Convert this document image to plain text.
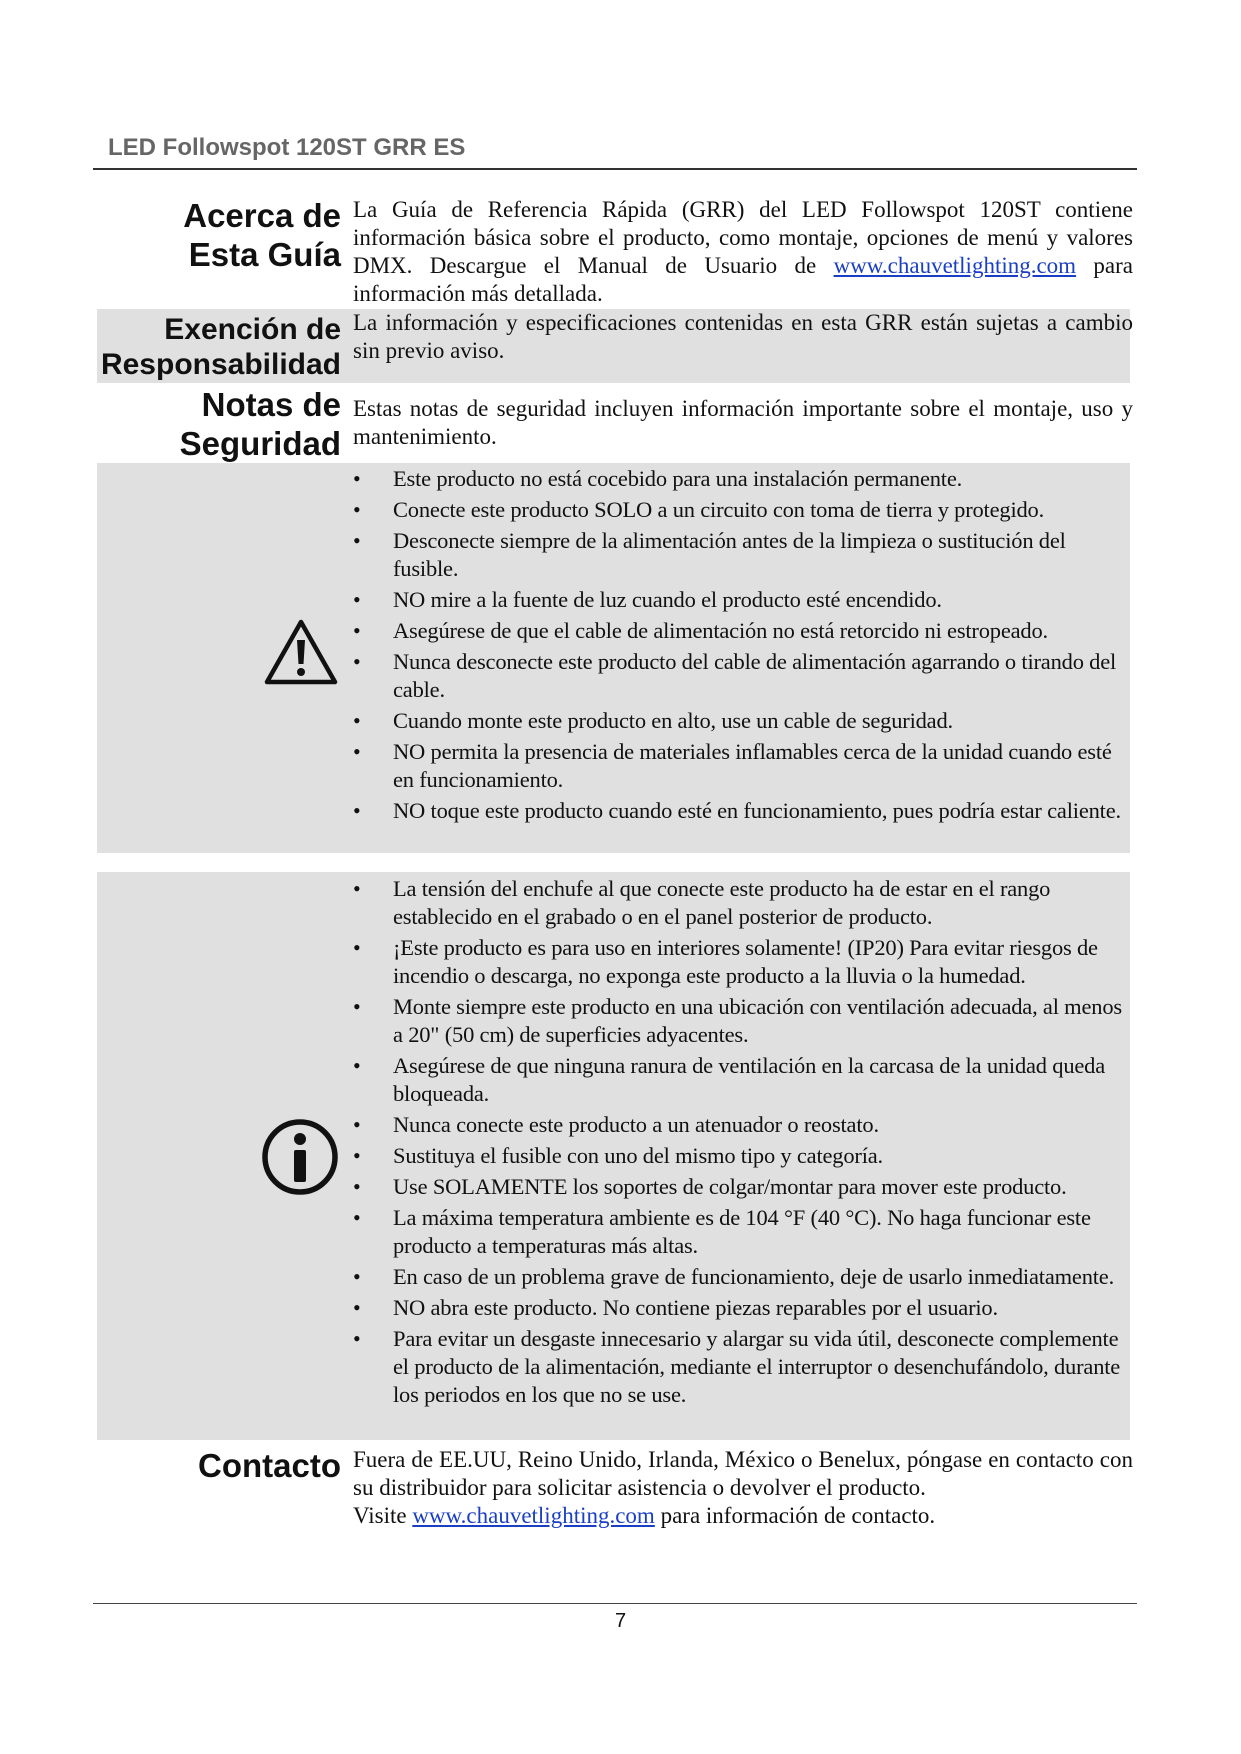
LED Followspot 120ST GRR ES
Acerca de
Esta Guía

La Guía de Referencia Rápida (GRR) del LED Followspot 120ST contiene información básica sobre el producto, como montaje, opciones de menú y valores DMX. Descargue el Manual de Usuario de www.chauvetlighting.com para información más detallada.

Exención de
Responsabilidad

La información y especificaciones contenidas en esta GRR están sujetas a cambio sin previo aviso.

Notas de
Seguridad

Estas notas de seguridad incluyen información importante sobre el montaje, uso y mantenimiento.

• Este producto no está cocebido para una instalación permanente.
• Conecte este producto SOLO a un circuito con toma de tierra y protegido.
• Desconecte siempre de la alimentación antes de la limpieza o sustitución del fusible.
• NO mire a la fuente de luz cuando el producto esté encendido.
• Asegúrese de que el cable de alimentación no está retorcido ni estropeado.
• Nunca desconecte este producto del cable de alimentación agarrando o tirando del cable.
• Cuando monte este producto en alto, use un cable de seguridad.
• NO permita la presencia de materiales inflamables cerca de la unidad cuando esté en funcionamiento.
• NO toque este producto cuando esté en funcionamiento, pues podría estar caliente.
• La tensión del enchufe al que conecte este producto ha de estar en el rango establecido en el grabado o en el panel posterior de producto.
• ¡Este producto es para uso en interiores solamente! (IP20) Para evitar riesgos de incendio o descarga, no exponga este producto a la lluvia o la humedad.
• Monte siempre este producto en una ubicación con ventilación adecuada, al menos a 20" (50 cm) de superficies adyacentes.
• Asegúrese de que ninguna ranura de ventilación en la carcasa de la unidad queda bloqueada.
• Nunca conecte este producto a un atenuador o reostato.
• Sustituya el fusible con uno del mismo tipo y categoría.
• Use SOLAMENTE los soportes de colgar/montar para mover este producto.
• La máxima temperatura ambiente es de 104 °F (40 °C). No haga funcionar este producto a temperaturas más altas.
• En caso de un problema grave de funcionamiento, deje de usarlo inmediatamente.
• NO abra este producto. No contiene piezas reparables por el usuario.
• Para evitar un desgaste innecesario y alargar su vida útil, desconecte complemente el producto de la alimentación, mediante el interruptor o desenchufándolo, durante los periodos en los que no se use.
Contacto Fuera de EE.UU, Reino Unido, Irlanda, México o Benelux, póngase en contacto con su distribuidor para solicitar asistencia o devolver el producto.
Visite www.chauvetlighting.com para información de contacto.

7
